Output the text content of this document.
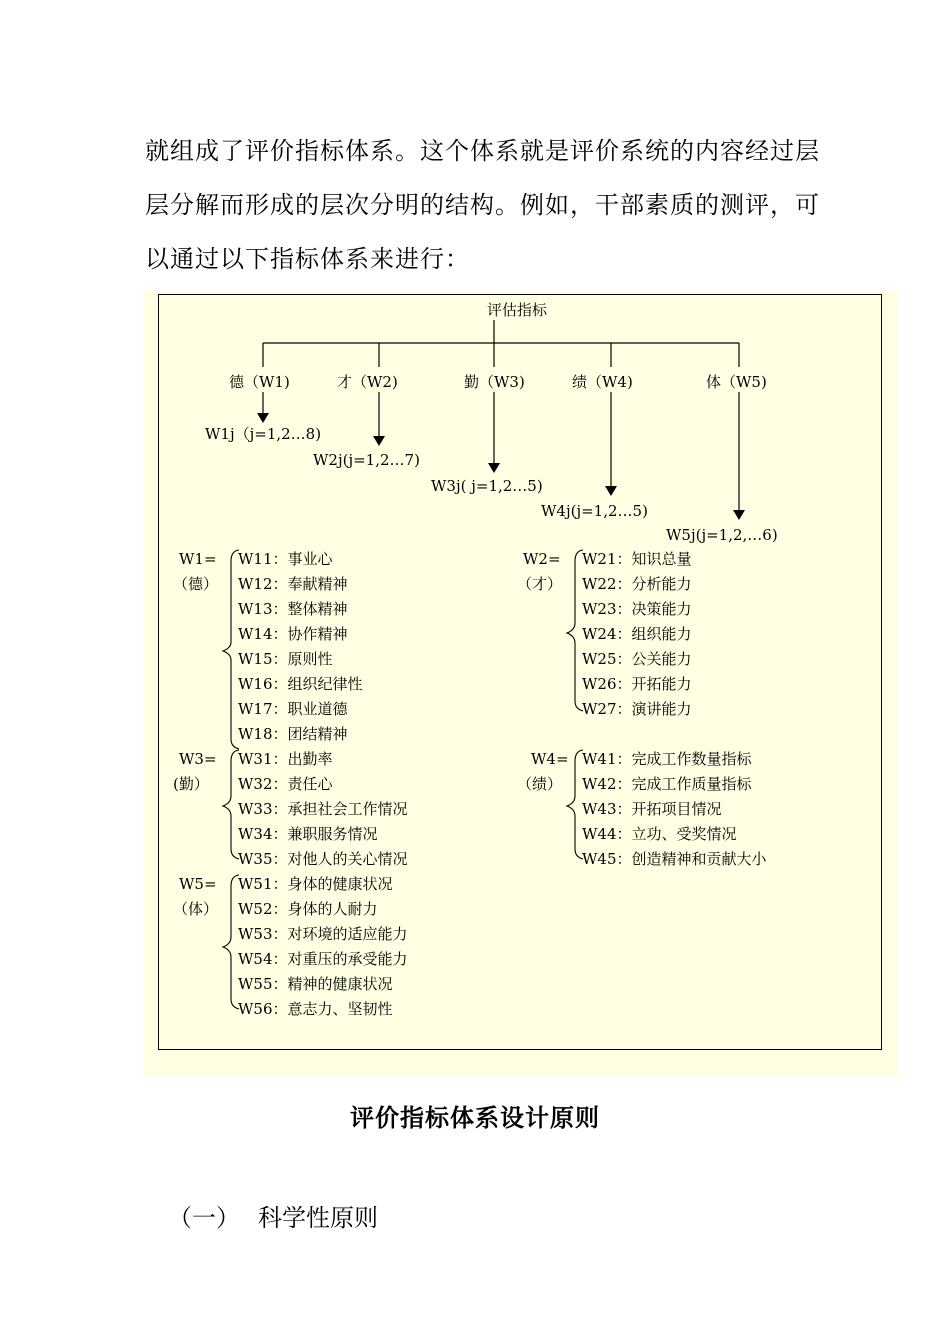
就组成了评价指标体系。这个体系就是评价系统的内容经过层
层分解而形成的层次分明的结构。例如，干部素质的测评，可
以通过以下指标体系来进行：
评估指标
德（W1)	才（W2)	勤（W3)	绩（W4)	体（W5)
W1j（j=1,2…8)
W2j(j=1,2…7)
W3j( j=1,2…5)
W4j(j=1,2…5)
W5j(j=1,2,…6)
W1=
（德）
W11：事业心
W12：奉献精神
W13：整体精神
W14：协作精神
W15：原则性
W16：组织纪律性
W17：职业道德
W18：团结精神
W2=
（才）
W21：知识总量
W22：分析能力
W23：决策能力
W24：组织能力
W25：公关能力
W26：开拓能力
W27：演讲能力
W3=
(勤）
W31：出勤率
W32：责任心
W33：承担社会工作情况
W34：兼职服务情况
W35：对他人的关心情况
W4=
（绩）
W41：完成工作数量指标
W42：完成工作质量指标
W43：开拓项目情况
W44：立功、受奖情况
W45：创造精神和贡献大小
W5=
（体）
W51：身体的健康状况
W52：身体的人耐力
W53：对环境的适应能力
W54：对重压的承受能力
W55：精神的健康状况
W56：意志力、坚韧性
评价指标体系设计原则
（一） 科学性原则
